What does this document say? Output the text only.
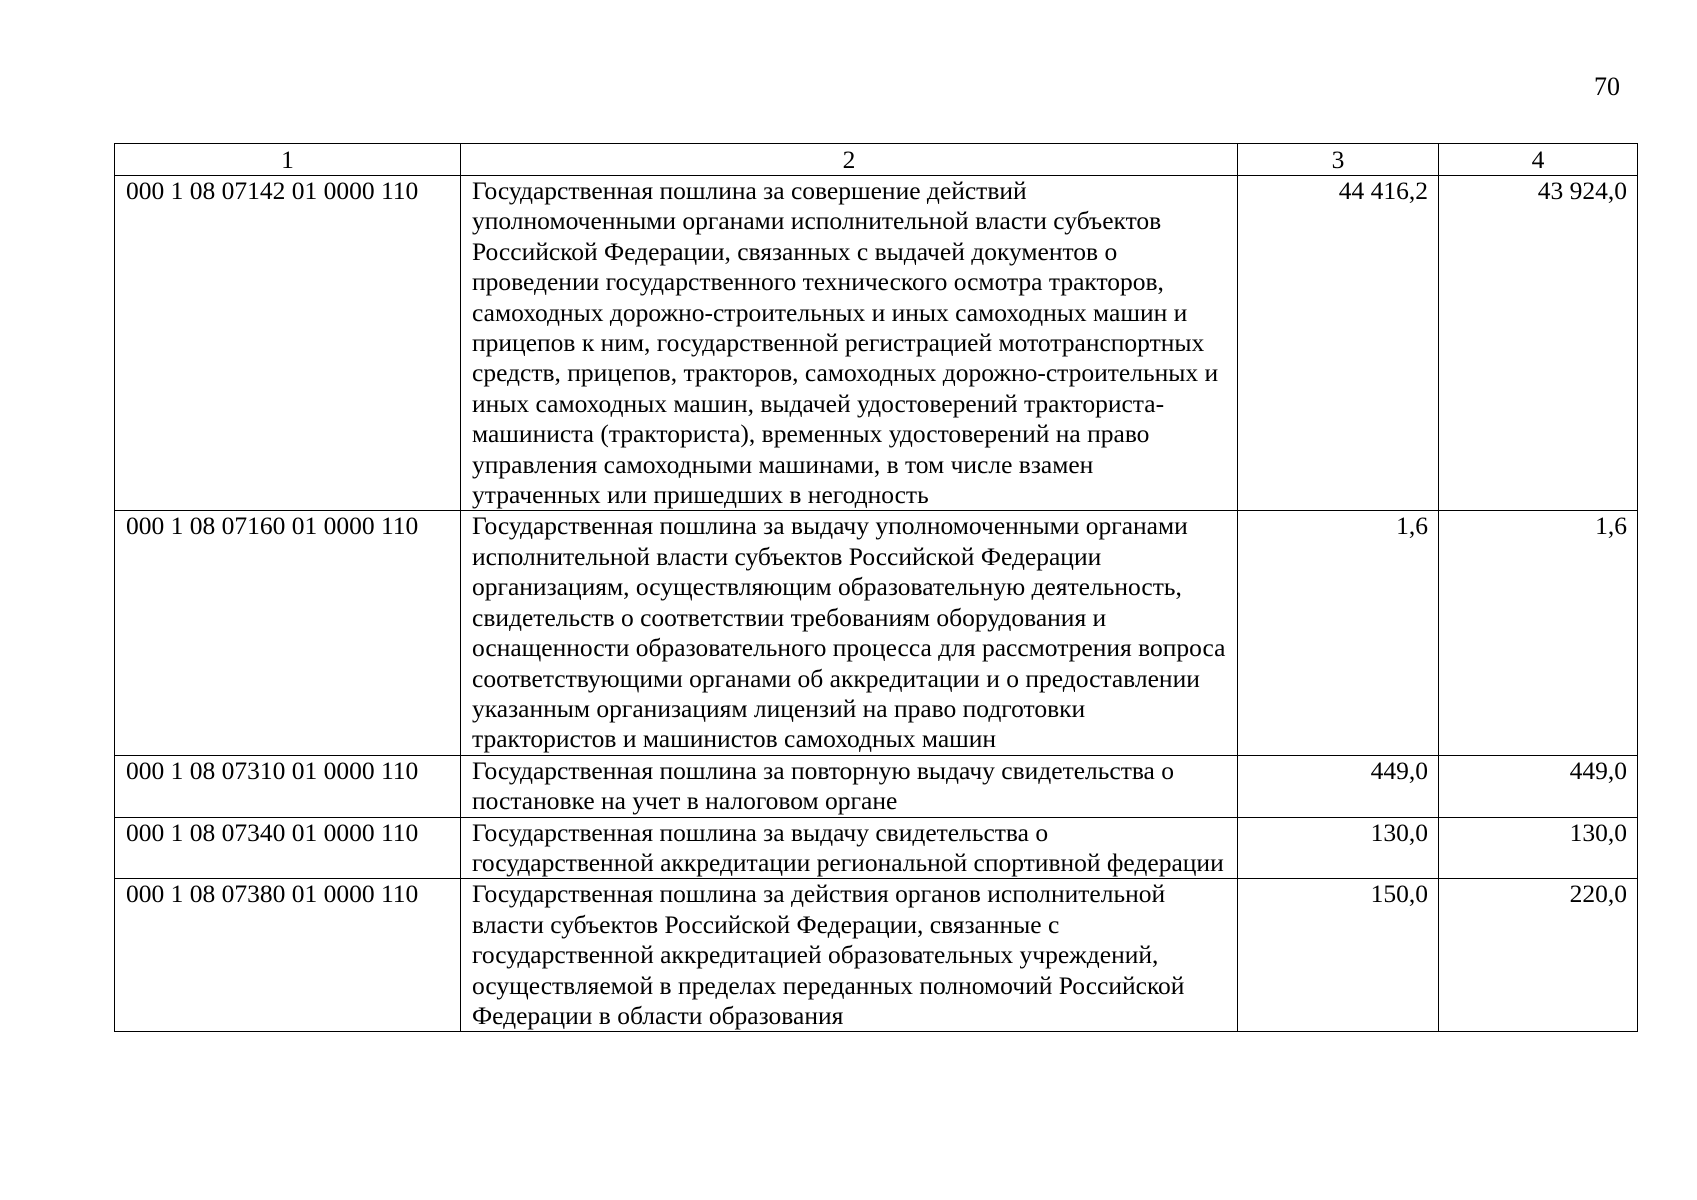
70
1	2	3	4
000 1 08 07142 01 0000 110	Государственная пошлина за совершение действий уполномоченными органами исполнительной власти субъектов Российской Федерации, связанных с выдачей документов о проведении государственного технического осмотра тракторов, самоходных дорожно-строительных и иных самоходных машин и прицепов к ним, государственной регистрацией мототранспортных средств, прицепов, тракторов, самоходных дорожно-строительных и иных самоходных машин, выдачей удостоверений тракториста-машиниста (тракториста), временных удостоверений на право управления самоходными машинами, в том числе взамен утраченных или пришедших в негодность	44 416,2	43 924,0
000 1 08 07160 01 0000 110	Государственная пошлина за выдачу уполномоченными органами исполнительной власти субъектов Российской Федерации организациям, осуществляющим образовательную деятельность, свидетельств о соответствии требованиям оборудования и оснащенности образовательного процесса для рассмотрения вопроса соответствующими органами об аккредитации и о предоставлении указанным организациям лицензий на право подготовки трактористов и машинистов самоходных машин	1,6	1,6
000 1 08 07310 01 0000 110	Государственная пошлина за повторную выдачу свидетельства о постановке на учет в налоговом органе	449,0	449,0
000 1 08 07340 01 0000 110	Государственная пошлина за выдачу свидетельства о государственной аккредитации региональной спортивной федерации	130,0	130,0
000 1 08 07380 01 0000 110	Государственная пошлина за действия органов исполнительной власти субъектов Российской Федерации, связанные с государственной аккредитацией образовательных учреждений, осуществляемой в пределах переданных полномочий Российской Федерации в области образования	150,0	220,0
